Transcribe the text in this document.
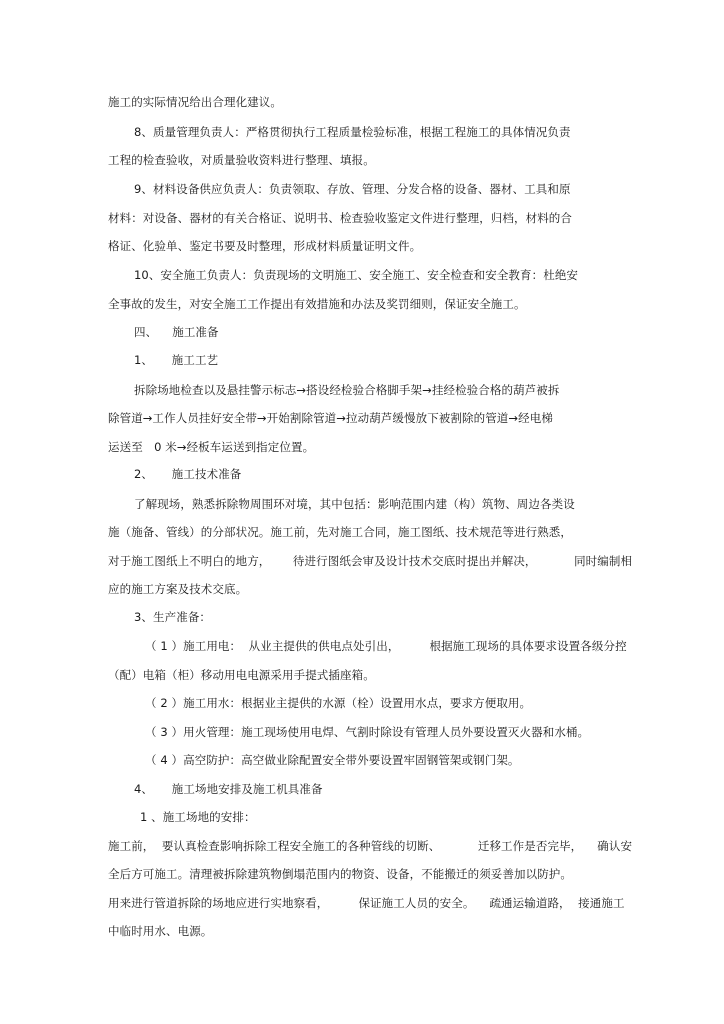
施工的实际情况给出合理化建议。
8、质量管理负责人：严格贯彻执行工程质量检验标准，根据工程施工的具体情况负责
工程的检查验收，对质量验收资料进行整理、填报。
9、材料设备供应负责人：负责领取、存放、管理、分发合格的设备、器材、工具和原
材料：对设备、器材的有关合格证、说明书、检查验收鉴定文件进行整理，归档，材料的合
格证、化验单、鉴定书要及时整理，形成材料质量证明文件。
10、安全施工负责人：负责现场的文明施工、安全施工、安全检查和安全教育：杜绝安
全事故的发生，对安全施工工作提出有效措施和办法及奖罚细则，保证安全施工。
四、    施工准备
1、     施工工艺
拆除场地检查以及悬挂警示标志→搭设经检验合格脚手架→挂经检验合格的葫芦被拆
除管道→工作人员挂好安全带→开始割除管道→拉动葫芦缓慢放下被割除的管道→经电梯
运送至   0 米→经板车运送到指定位置。
2、     施工技术准备
了解现场，熟悉拆除物周围环对境，其中包括：影响范围内建（构）筑物、周边各类设
施（施备、管线）的分部状况。施工前，先对施工合同，施工图纸、技术规范等进行熟悉，
对于施工图纸上不明白的地方，      待进行图纸会审及设计技术交底时提出并解决，          同时编制相
应的施工方案及技术交底。
3、生产准备：
（ 1 ）施工用电：  从业主提供的供电点处引出，        根据施工现场的具体要求设置各级分控
（配）电箱（柜）移动用电电源采用手提式插座箱。
（ 2 ）施工用水：根据业主提供的水源（栓）设置用水点，要求方便取用。
（ 3 ）用火管理：施工现场使用电焊、气割时除设有管理人员外要设置灭火器和水桶。
（ 4 ）高空防护：高空做业除配置安全带外要设置牢固钢管架或钢门架。
4、     施工场地安排及施工机具准备
1 、施工场地的安排：
施工前，  要认真检查影响拆除工程安全施工的各种管线的切断、          迁移工作是否完毕，    确认安
全后方可施工。清理被拆除建筑物倒塌范围内的物资、设备，不能搬迁的须妥善加以防护。
用来进行管道拆除的场地应进行实地察看，        保证施工人员的安全。    疏通运输道路，  接通施工
中临时用水、电源。
